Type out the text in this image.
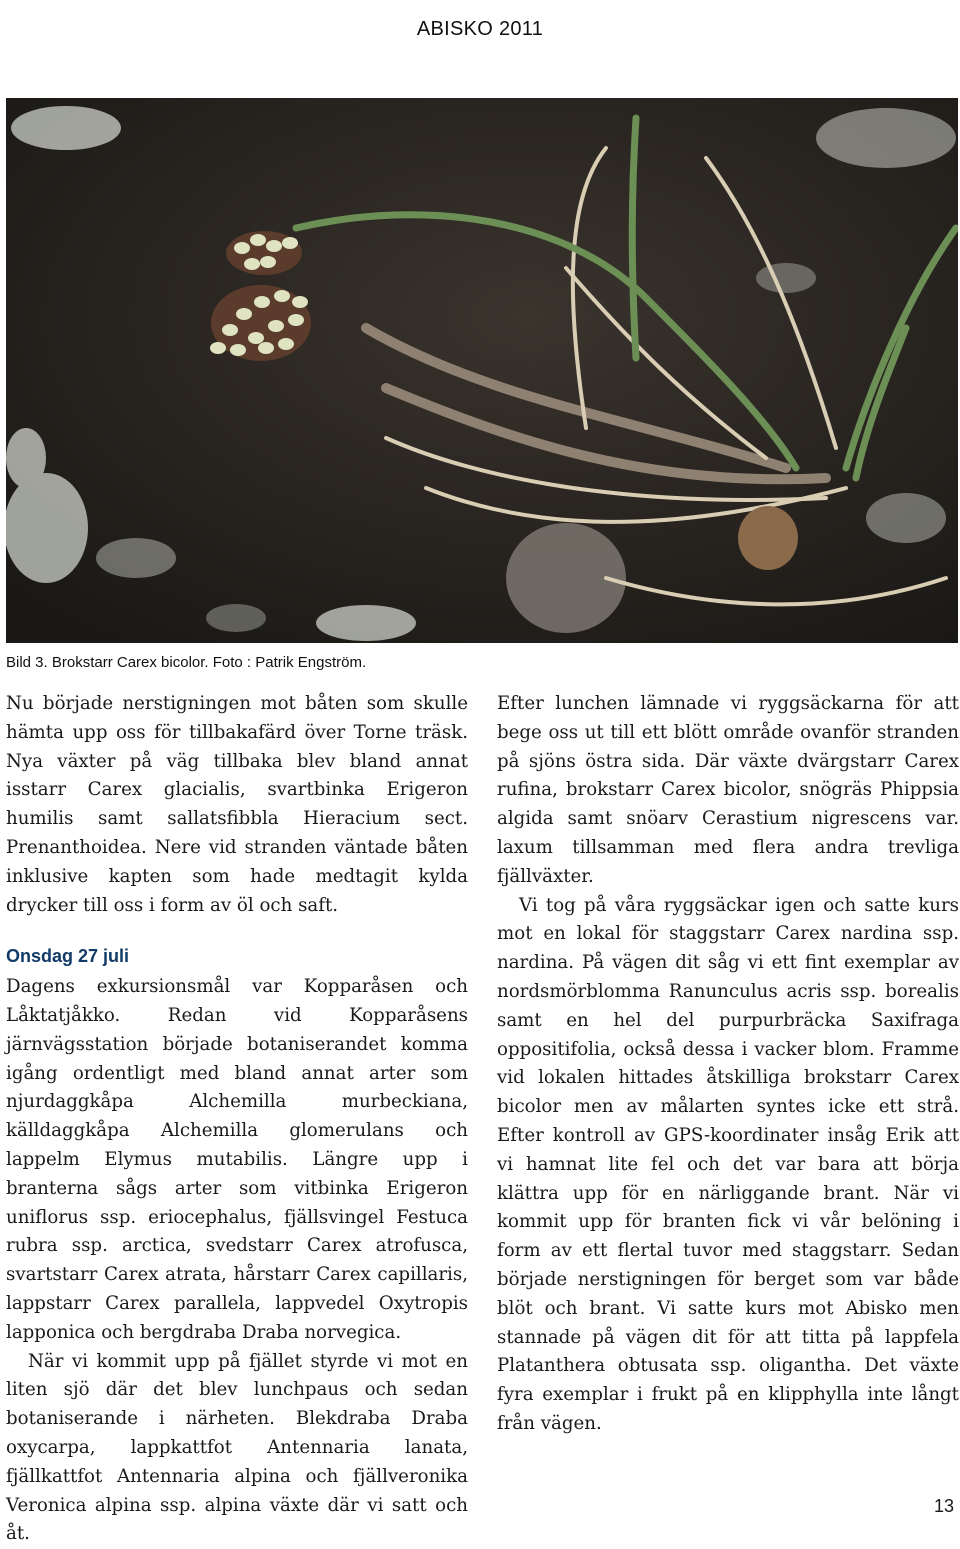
ABISKO 2011
Bild 3. Brokstarr Carex bicolor. Foto : Patrik Engström.

Nu började nerstigningen mot båten som skulle hämta upp oss för tillbakafärd över Torne träsk. Nya växter på väg tillbaka blev bland annat isstarr Carex glacialis, svartbinka Erigeron humilis samt sallatsfibbla Hieracium sect. Prenanthoidea. Nere vid stranden väntade båten inklusive kapten som hade medtagit kylda drycker till oss i form av öl och saft.

Onsdag 27 juli

Dagens exkursionsmål var Kopparåsen och Låktatjåkko. Redan vid Kopparåsens järnvägsstation började botaniserandet komma igång ordentligt med bland annat arter som njurdaggkåpa Alchemilla murbeckiana, källdaggkåpa Alchemilla glomerulans och lappelm Elymus mutabilis. Längre upp i branterna sågs arter som vitbinka Erigeron uniflorus ssp. eriocephalus, fjällsvingel Festuca rubra ssp. arctica, svedstarr Carex atrofusca, svartstarr Carex atrata, hårstarr Carex capillaris, lappstarr Carex parallela, lappvedel Oxytropis lapponica och bergdraba Draba norvegica.

När vi kommit upp på fjället styrde vi mot en liten sjö där det blev lunchpaus och sedan botaniserande i närheten. Blekdraba Draba oxycarpa, lappkattfot Antennaria lanata, fjällkattfot Antennaria alpina och fjällveronika Veronica alpina ssp. alpina växte där vi satt och åt.

Efter lunchen lämnade vi ryggsäckarna för att bege oss ut till ett blött område ovanför stranden på sjöns östra sida. Där växte dvärgstarr Carex rufina, brokstarr Carex bicolor, snögräs Phippsia algida samt snöarv Cerastium nigrescens var. laxum tillsamman med flera andra trevliga fjällväxter.

Vi tog på våra ryggsäckar igen och satte kurs mot en lokal för staggstarr Carex nardina ssp. nardina. På vägen dit såg vi ett fint exemplar av nordsmörblomma Ranunculus acris ssp. borealis samt en hel del purpurbräcka Saxifraga oppositifolia, också dessa i vacker blom. Framme vid lokalen hittades åtskilliga brokstarr Carex bicolor men av målarten syntes icke ett strå. Efter kontroll av GPS-koordinater insåg Erik att vi hamnat lite fel och det var bara att börja klättra upp för en närliggande brant. När vi kommit upp för branten fick vi vår belöning i form av ett flertal tuvor med staggstarr. Sedan började nerstigningen för berget som var både blöt och brant. Vi satte kurs mot Abisko men stannade på vägen dit för att titta på lappfela Platanthera obtusata ssp. oligantha. Det växte fyra exemplar i frukt på en klipphylla inte långt från vägen.

13
